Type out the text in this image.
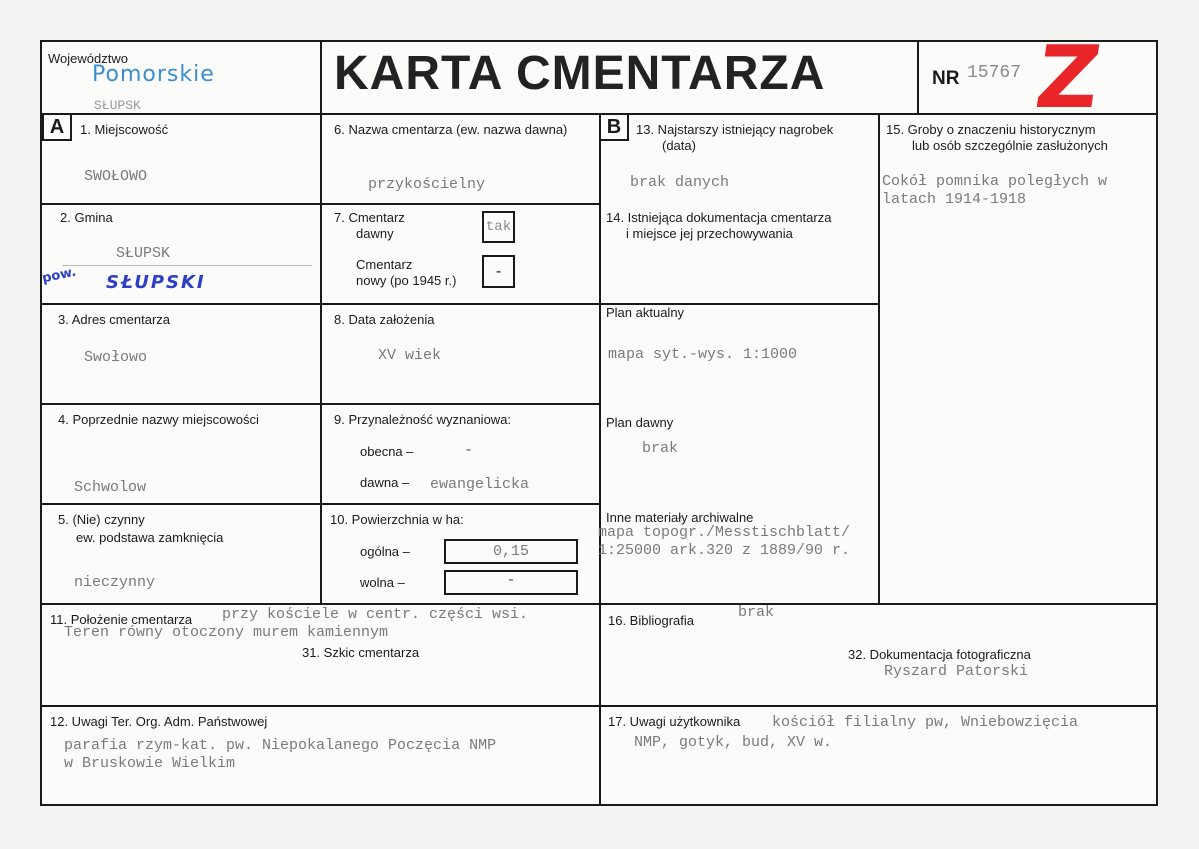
Województwo
Pomorskie
SŁUPSK
KARTA CMENTARZA	NR 15767 Z
A	B
1. Miejscowość
SWOŁOWO
2. Gmina
SŁUPSK
pow. SŁUPSKI
3. Adres cmentarza
Swołowo
4. Poprzednie nazwy miejscowości
Schwolow
5. (Nie) czynny
ew. podstawa zamknięcia
nieczynny
6. Nazwa cmentarza (ew. nazwa dawna)
przykościelny
7. Cmentarz
dawny	tak
Cmentarz
nowy (po 1945 r.)
-
8. Data założenia
XV wiek
9. Przynależność wyznaniowa:
obecna –	-
dawna – ewangelicka
10. Powierzchnia w ha:
ogólna –	0,15
wolna –	-
11. Położenie cmentarza przy kościele w centr. części wsi.
Teren równy otoczony murem kamiennym
31. Szkic cmentarza
12. Uwagi Ter. Org. Adm. Państwowej
parafia rzym-kat. pw. Niepokalanego Poczęcia NMP
w Bruskowie Wielkim
13. Najstarszy istniejący nagrobek
(data)
brak danych
14. Istniejąca dokumentacja cmentarza
i miejsce jej przechowywania
Plan aktualny
mapa syt.-wys. 1:1000
Plan dawny
brak
Inne materiały archiwalne
mapa topogr./Messtischblatt/
1:25000 ark.320 z 1889/90 r.
15. Groby o znaczeniu historycznym
lub osób szczególnie zasłużonych
Cokół pomnika poległych w
latach 1914-1918
16. Bibliografia	brak
32. Dokumentacja fotograficzna
Ryszard Patorski
17. Uwagi użytkownika kościół filialny pw, Wniebowzięcia
NMP, gotyk, bud, XV w.
